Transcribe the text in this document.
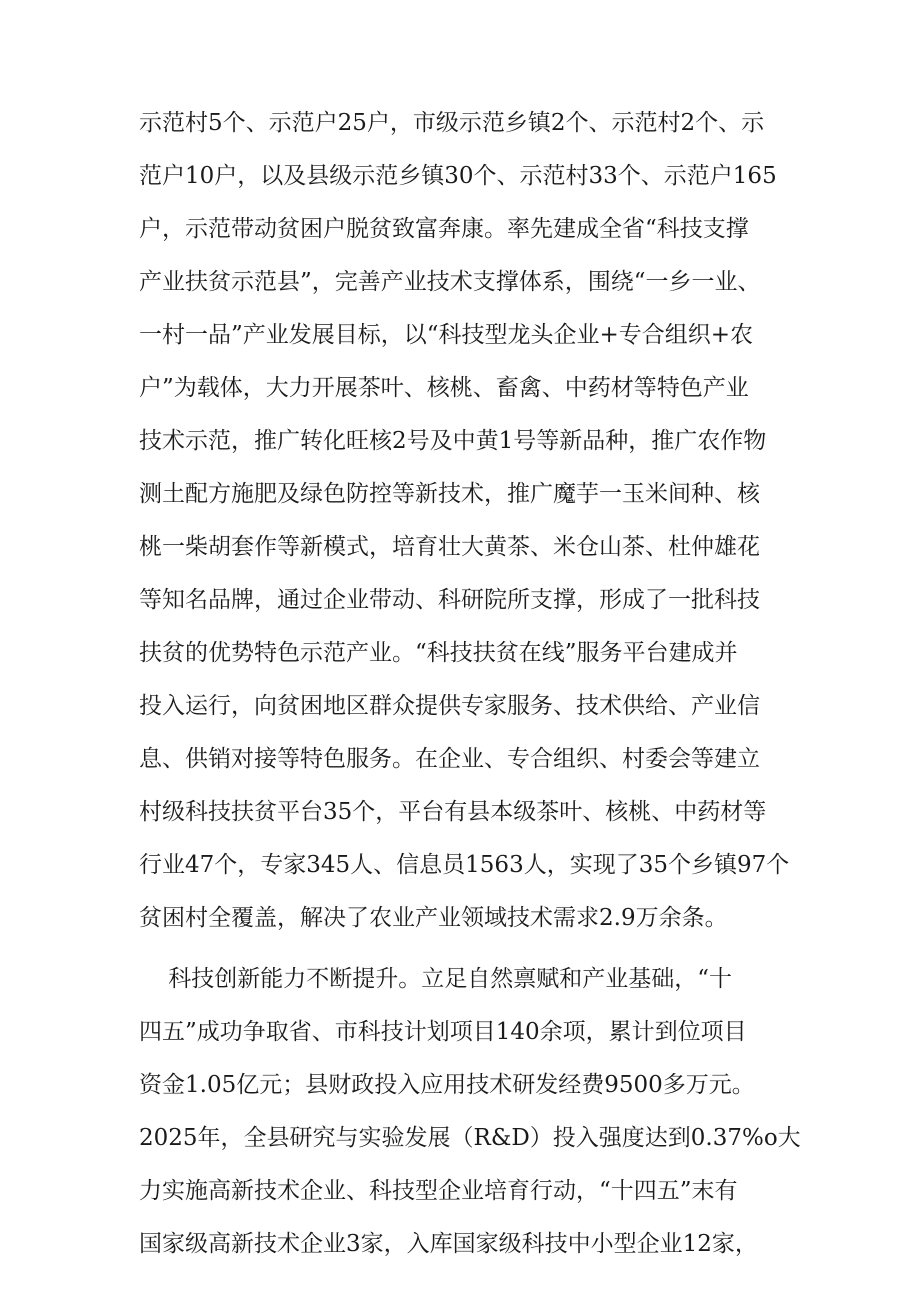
示范村5个、示范户25户，市级示范乡镇2个、示范村2个、示
范户10户，以及县级示范乡镇30个、示范村33个、示范户165
户，示范带动贫困户脱贫致富奔康。率先建成全省“科技支撑
产业扶贫示范县”，完善产业技术支撑体系，围绕“一乡一业、
一村一品”产业发展目标，以“科技型龙头企业+专合组织+农
户”为载体，大力开展茶叶、核桃、畜禽、中药材等特色产业
技术示范，推广转化旺核2号及中黄1号等新品种，推广农作物
测土配方施肥及绿色防控等新技术，推广魔芋一玉米间种、核
桃一柴胡套作等新模式，培育壮大黄茶、米仓山茶、杜仲雄花
等知名品牌，通过企业带动、科研院所支撑，形成了一批科技
扶贫的优势特色示范产业。“科技扶贫在线”服务平台建成并
投入运行，向贫困地区群众提供专家服务、技术供给、产业信
息、供销对接等特色服务。在企业、专合组织、村委会等建立
村级科技扶贫平台35个，平台有县本级茶叶、核桃、中药材等
行业47个，专家345人、信息员1563人，实现了35个乡镇97个
贫困村全覆盖，解决了农业产业领域技术需求2.9万余条。
科技创新能力不断提升。立足自然禀赋和产业基础，“十
四五”成功争取省、市科技计划项目140余项，累计到位项目
资金1.05亿元；县财政投入应用技术研发经费9500多万元。
2025年，全县研究与实验发展（R&D）投入强度达到0.37%o大
力实施高新技术企业、科技型企业培育行动，“十四五”末有
国家级高新技术企业3家，入库国家级科技中小型企业12家，
